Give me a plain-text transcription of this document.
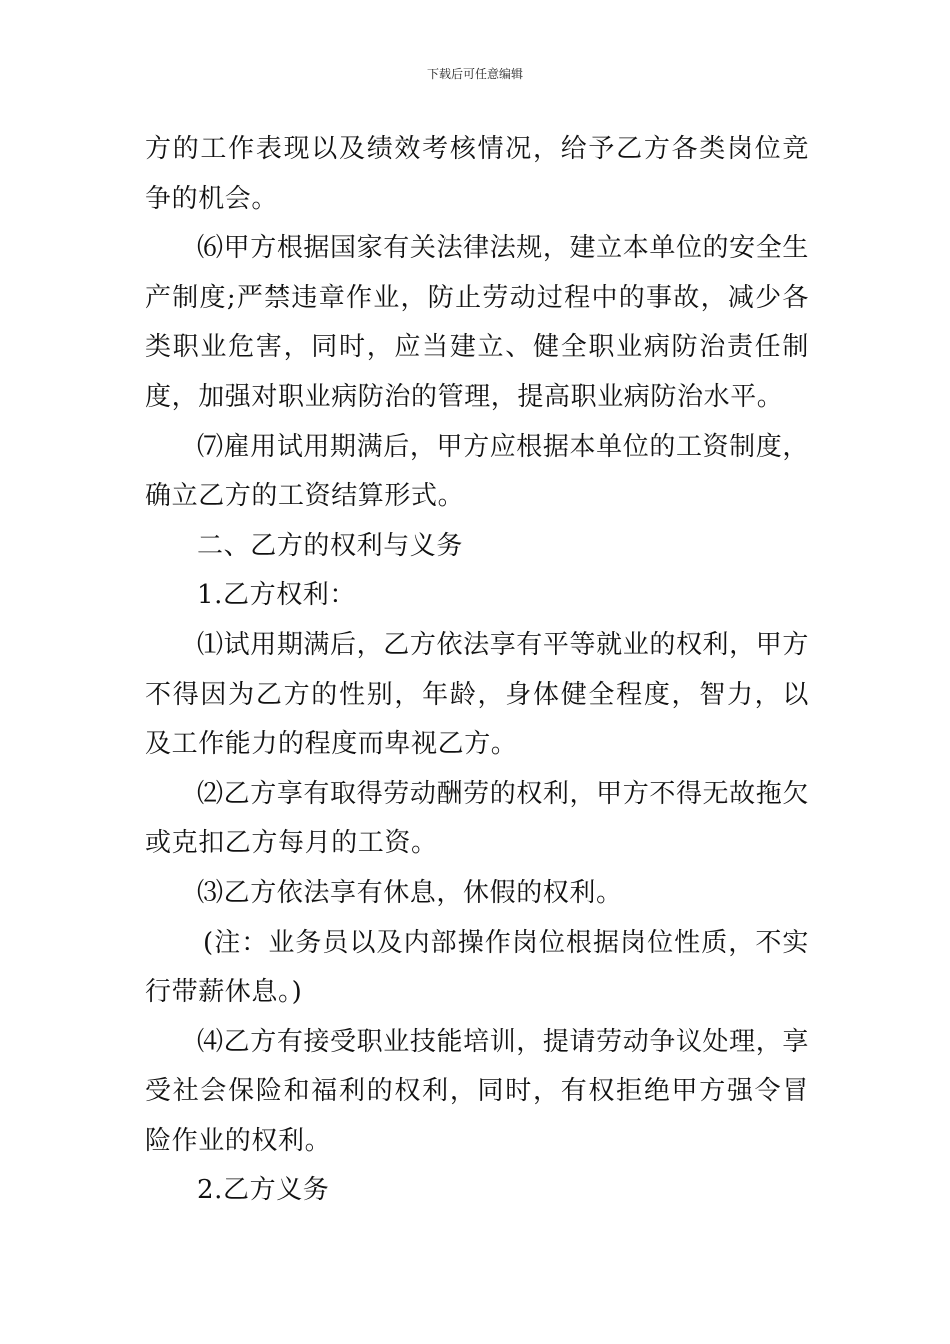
下载后可任意编辑

方的工作表现以及绩效考核情况，给予乙方各类岗位竞争的机会。

⑹甲方根据国家有关法律法规，建立本单位的安全生产制度;严禁违章作业，防止劳动过程中的事故，减少各类职业危害，同时，应当建立、健全职业病防治责任制度，加强对职业病防治的管理，提高职业病防治水平。

⑺雇用试用期满后，甲方应根据本单位的工资制度，确立乙方的工资结算形式。

二、乙方的权利与义务

1.乙方权利：

⑴试用期满后，乙方依法享有平等就业的权利，甲方不得因为乙方的性别，年龄，身体健全程度，智力，以及工作能力的程度而卑视乙方。

⑵乙方享有取得劳动酬劳的权利，甲方不得无故拖欠或克扣乙方每月的工资。

⑶乙方依法享有休息，休假的权利。

(注：业务员以及内部操作岗位根据岗位性质，不实行带薪休息。)

⑷乙方有接受职业技能培训，提请劳动争议处理，享受社会保险和福利的权利，同时，有权拒绝甲方强令冒险作业的权利。

2.乙方义务
